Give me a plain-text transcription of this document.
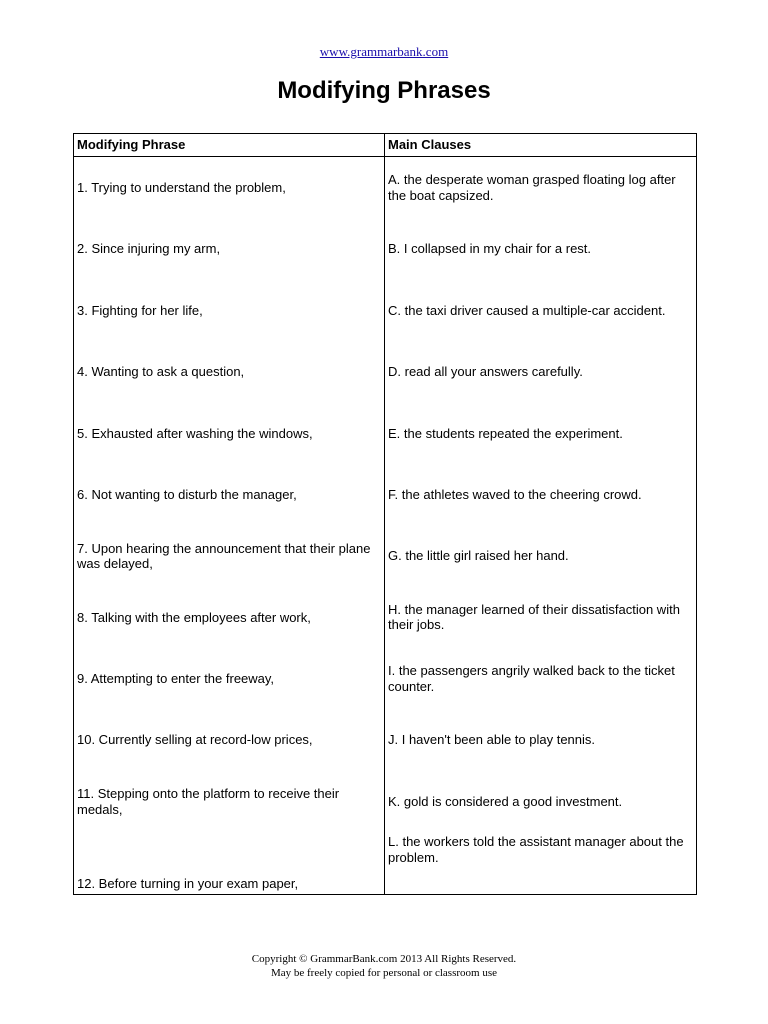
www.grammarbank.com
Modifying Phrases
Modifying Phrase	Main Clauses
1. Trying to understand the problem,	A. the desperate woman grasped floating log after the boat capsized.
2. Since injuring my arm,	B. I collapsed in my chair for a rest.
3. Fighting for her life,	C. the taxi driver caused a multiple-car accident.
4. Wanting to ask a question,	D. read all your answers carefully.
5. Exhausted after washing the windows,	E. the students repeated the experiment.
6. Not wanting to disturb the manager,	F. the athletes waved to the cheering crowd.
7. Upon hearing the announcement that their plane was delayed,	G. the little girl raised her hand.
8. Talking with the employees after work,	H. the manager learned of their dissatisfaction with their jobs.
9. Attempting to enter the freeway,	I. the passengers angrily walked back to the ticket counter.
10. Currently selling at record-low prices,	J. I haven't been able to play tennis.
11. Stepping onto the platform to receive their medals,	K. gold is considered a good investment.
12. Before turning in your exam paper,	L. the workers told the assistant manager about the problem.
Copyright © GrammarBank.com 2013 All Rights Reserved.
May be freely copied for personal or classroom use
